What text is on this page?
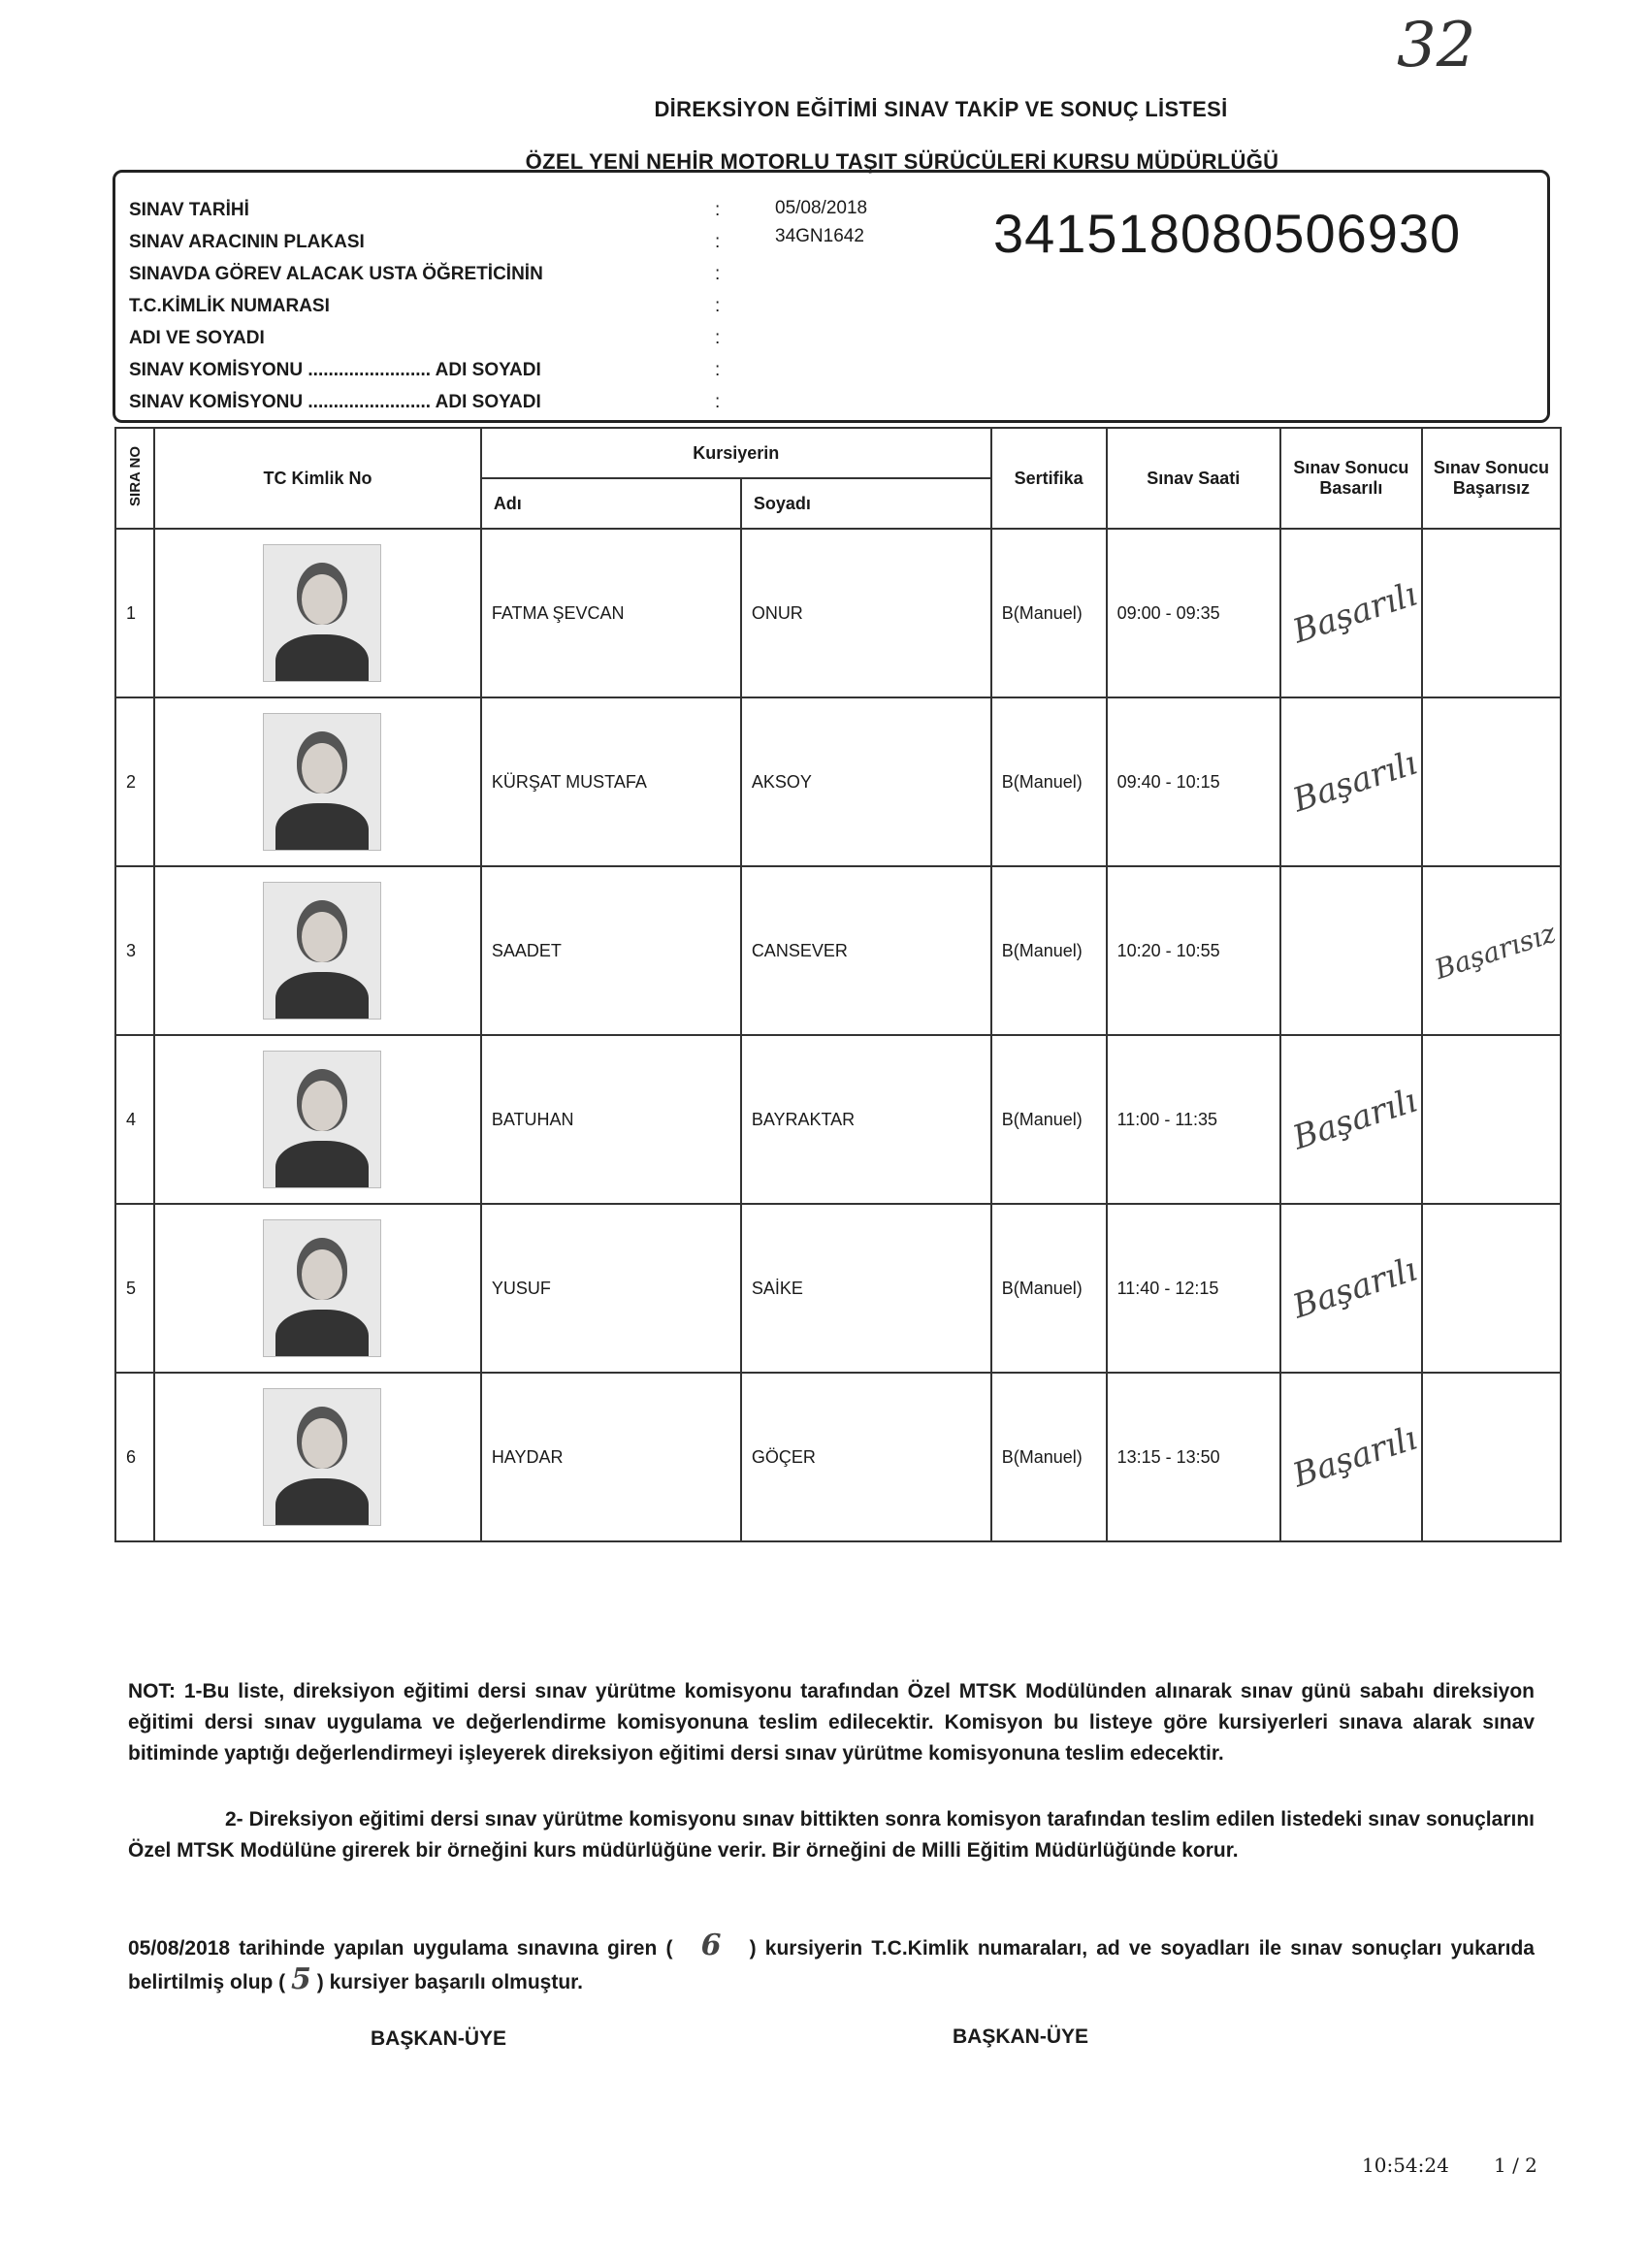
32
DİREKSİYON EĞİTİMİ SINAV TAKİP VE SONUÇ LİSTESİ
ÖZEL YENİ NEHİR MOTORLU TAŞIT SÜRÜCÜLERİ KURSU MÜDÜRLÜĞÜ
SINAV TARİHİ	:	05/08/2018
SINAV ARACININ PLAKASI	:	34GN1642
SINAVDA GÖREV ALACAK USTA ÖĞRETİCİNİN	:
T.C.KİMLİK NUMARASI	:
ADI VE SOYADI	:
SINAV KOMİSYONU ........................ ADI SOYADI	:
SINAV KOMİSYONU ........................ ADI SOYADI	:
341518080506930
SIRA NO	TC Kimlik No	Kursiyerin		Sertifika	Sınav Saati	Sınav Sonucu Basarılı	Sınav Sonucu Başarısız
		Adı	Soyadı				
1		FATMA ŞEVCAN	ONUR	B(Manuel)	09:00 - 09:35	Başarılı	
2		KÜRŞAT MUSTAFA	AKSOY	B(Manuel)	09:40 - 10:15	Başarılı	
3		SAADET	CANSEVER	B(Manuel)	10:20 - 10:55		Başarısız
4		BATUHAN	BAYRAKTAR	B(Manuel)	11:00 - 11:35	Başarılı	
5		YUSUF	SAİKE	B(Manuel)	11:40 - 12:15	Başarılı	
6		HAYDAR	GÖÇER	B(Manuel)	13:15 - 13:50	Başarılı	
NOT: 1-Bu liste, direksiyon eğitimi dersi sınav yürütme komisyonu tarafından Özel MTSK Modülünden alınarak sınav günü sabahı direksiyon eğitimi dersi sınav uygulama ve değerlendirme komisyonuna teslim edilecektir. Komisyon bu listeye göre kursiyerleri sınava alarak sınav bitiminde yaptığı değerlendirmeyi işleyerek direksiyon eğitimi dersi sınav yürütme komisyonuna teslim edecektir.
2- Direksiyon eğitimi dersi sınav yürütme komisyonu sınav bittikten sonra komisyon tarafından teslim edilen listedeki sınav sonuçlarını Özel MTSK Modülüne girerek bir örneğini kurs müdürlüğüne verir. Bir örneğini de Milli Eğitim Müdürlüğünde korur.
05/08/2018 tarihinde yapılan uygulama sınavına giren ( 6 ) kursiyerin T.C.Kimlik numaraları, ad ve soyadları ile sınav sonuçları yukarıda belirtilmiş olup ( 5 ) kursiyer başarılı olmuştur.
BAŞKAN-ÜYE	BAŞKAN-ÜYE
10:54:24 1 / 2
